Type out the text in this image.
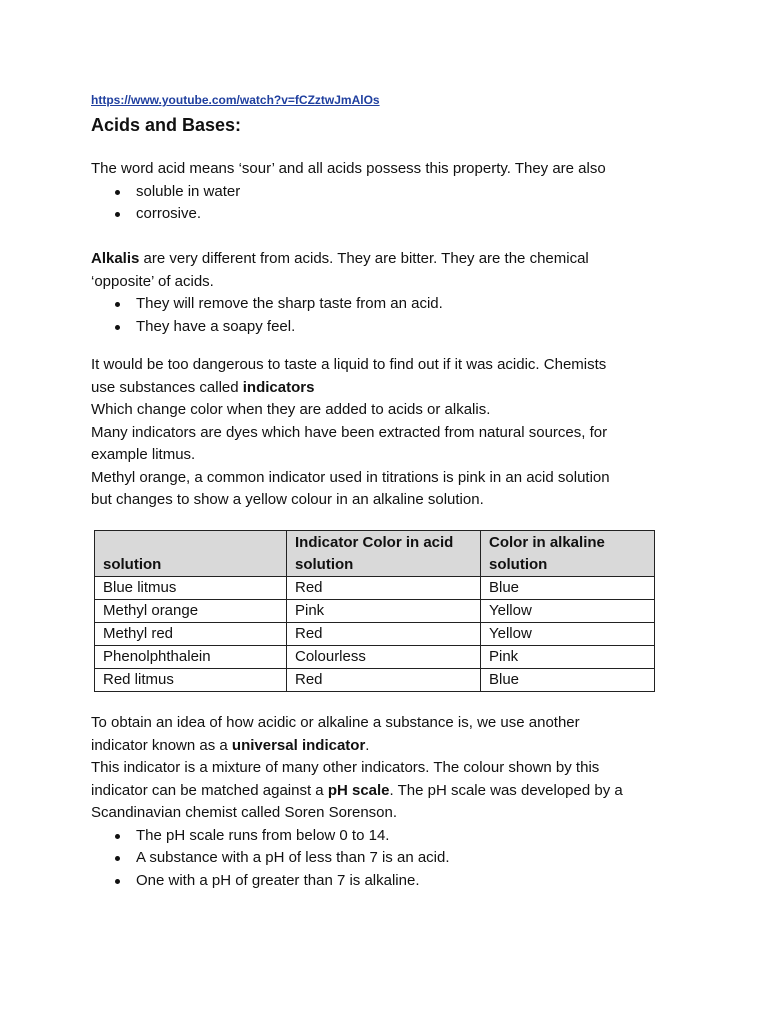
https://www.youtube.com/watch?v=fCZztwJmAlOs
Acids and Bases:

The word acid means ‘sour’ and all acids possess this property. They are also

soluble in water
corrosive.

Alkalis are very different from acids. They are bitter. They are the chemical

‘opposite’ of acids.

They will remove the sharp taste from an acid.
They have a soapy feel.

It would be too dangerous to taste a liquid to find out if it was acidic. Chemists

use substances called indicators

Which change color when they are added to acids or alkalis.

Many indicators are dyes which have been extracted from natural sources, for

example litmus.

Methyl orange, a common indicator used in titrations is pink in an acid solution

but changes to show a yellow colour in an alkaline solution.

solution	Indicator Color in acid solution	Color in alkaline solution
Blue litmus	Red	Blue
Methyl orange	Pink	Yellow
Methyl red	Red	Yellow
Phenolphthalein	Colourless	Pink
Red litmus	Red	Blue

To obtain an idea of how acidic or alkaline a substance is, we use another

indicator known as a universal indicator.

This indicator is a mixture of many other indicators. The colour shown by this

indicator can be matched against a pH scale. The pH scale was developed by a

Scandinavian chemist called Soren Sorenson.

The pH scale runs from below 0 to 14.
A substance with a pH of less than 7 is an acid.
One with a pH of greater than 7 is alkaline.
